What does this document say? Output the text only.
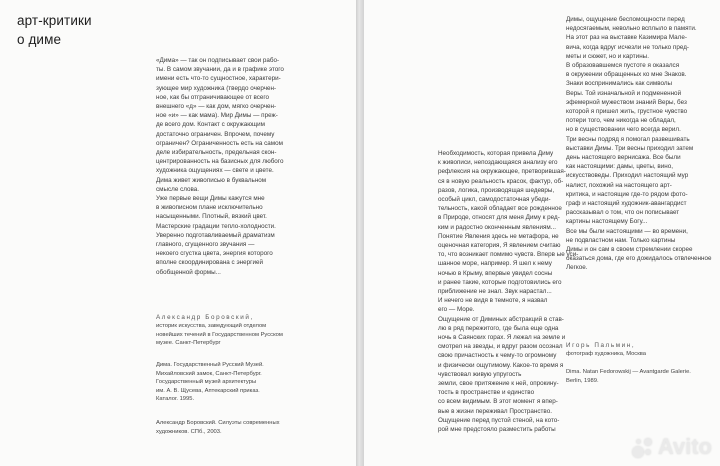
арт-критики
о диме
«Дима» — так он подписывает свои рабо-
ты. В самом звучании, да и в графике этого
имени есть что-то сущностное, характери-
зующее мир художника (твердо очерчен-
ное, как бы отграничивающее от всего
внешнего «д» — как дом, мягко очерчен-
ное «и» — как мама). Мир Димы — преж-
де всего дом. Контакт с окружающим
достаточно ограничен. Впрочем, почему
ограничен? Ограниченность есть на самом
деле избирательность, предельная скон-
центрированность на базисных для любого
художника ощущениях — свете и цвете.
Дима живет живописью в буквальном
смысле слова.
Уже первые вещи Димы кажутся мне
в живописном плане исключительно
насыщенными. Плотный, вязкий цвет.
Мастерские градации тепло-холодности.
Уверенно подготавливаемый драматизм
главного, сгущенного звучания —
некоего сгустка цвета, энергия которого
вполне скоординирована с энергией
обобщенной формы...
Александр Боровский,
историк искусства, заведующий отделом
новейших течений в Государственном Русском
музее. Санкт-Петербург
Дима. Государственный Русский Музей.
Михайловский замок, Санкт-Петербург.
Государственный музей архитектуры
им. А. В. Щусева, Аптекарский приказ.
Каталог. 1995.
Александр Боровский. Силуэты современных
художников. СПб., 2003.
Необходимость, которая привела Диму
к живописи, непоздающаяся анализу его
рефлексия на окружающее, претворившая-
ся в новую реальность красок, фактур, об-
разов, логика, производящая шедевры,
особый цикл, самодостаточная убеди-
тельность, какой обладает все рожденное
в Природе, относят для меня Диму к ред-
ким и радостно оконченным явлениям...
Понятие Явления здесь не метафора, не
оценочная категория, Я явлением считаю
то, что возникает помимо чувств. Вперв ые уси-
шанное море, например. Я шел к нему
ночью в Крыму, впервые увидел сосны
и ранее такие, которые подготовились его
приближение не знал. Звук нарастал...
И нечего не видя в темноте, я назвал
его — Море.
Ощущение от Диминых абстракций в став-
лю в ряд пережитого, где была еще одна
ночь в Саянских горах. Я лежал на земле и
смотрел на звезды, и вдруг разом осознал
свою причастность к чему-то огромному
и физически ощутимому. Какое-то время я
чувствовал живую упругость
земли, свое притяжение к ней, опрокину-
тость в пространстве и единство
со всем видимым. В этот момент я впер-
вые в жизни переживал Пространство.
Ощущение перед пустой стеной, на кото-
рой мне предстояло разместить работы
Димы, ощущение беспомощности перед
недосягаемым, невольно всплыло в памяти.
На этот раз на выставке Казимира Мале-
вича, когда вдруг исчезли не только пред-
меты и сюжет, но и картины.
В образовавшемся пустоте я оказался
в окружении обращенных ко мне Знаков.
Знаки воспринимались как символы
Веры. Той изначальной и подмененной
эфемерной мужеством знаний Веры, без
которой я пришел жить, грустное чувство
потери того, чем никогда не обладал,
но в существовании чего всегда верил.
Три весны подряд я помогал развешивать
выставки Димы. Три весны приходил затем
день настоящего вернисажа. Все были
как настоящими: дамы, цветы, вино,
искусствоведы. Приходил настоящий мур
налист, похожий на настоящего арт-
критика, и настоящие где-то рядом фото-
граф и настоящий художник-авангардист
рассказывал о том, что он пописывает
картины настоящему Богу...
Все мы были настоящими — во времени,
не подвластном нам. Только картины
Димы и он сам в своем стремлении скорее
оказаться дома, где его дожидалось отвлеченное
Легкое.
Игорь Пальмин,
фотограф художника, Москва
Dima. Natan Fedorowskij — Avantgarde Galerie.
Berlin, 1989.
Avito
